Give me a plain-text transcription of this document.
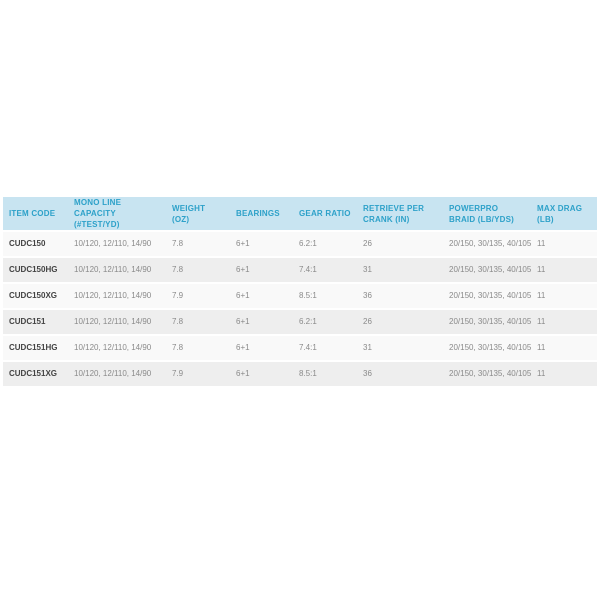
ITEM CODE	MONO LINE CAPACITY (#TEST/YD)	WEIGHT (OZ)	BEARINGS	GEAR RATIO	RETRIEVE PER CRANK (IN)	POWERPRO BRAID (LB/YDS)	MAX DRAG (LB)
CUDC150	10/120, 12/110, 14/90	7.8	6+1	6.2:1	26	20/150, 30/135, 40/105	11
CUDC150HG	10/120, 12/110, 14/90	7.8	6+1	7.4:1	31	20/150, 30/135, 40/105	11
CUDC150XG	10/120, 12/110, 14/90	7.9	6+1	8.5:1	36	20/150, 30/135, 40/105	11
CUDC151	10/120, 12/110, 14/90	7.8	6+1	6.2:1	26	20/150, 30/135, 40/105	11
CUDC151HG	10/120, 12/110, 14/90	7.8	6+1	7.4:1	31	20/150, 30/135, 40/105	11
CUDC151XG	10/120, 12/110, 14/90	7.9	6+1	8.5:1	36	20/150, 30/135, 40/105	11
